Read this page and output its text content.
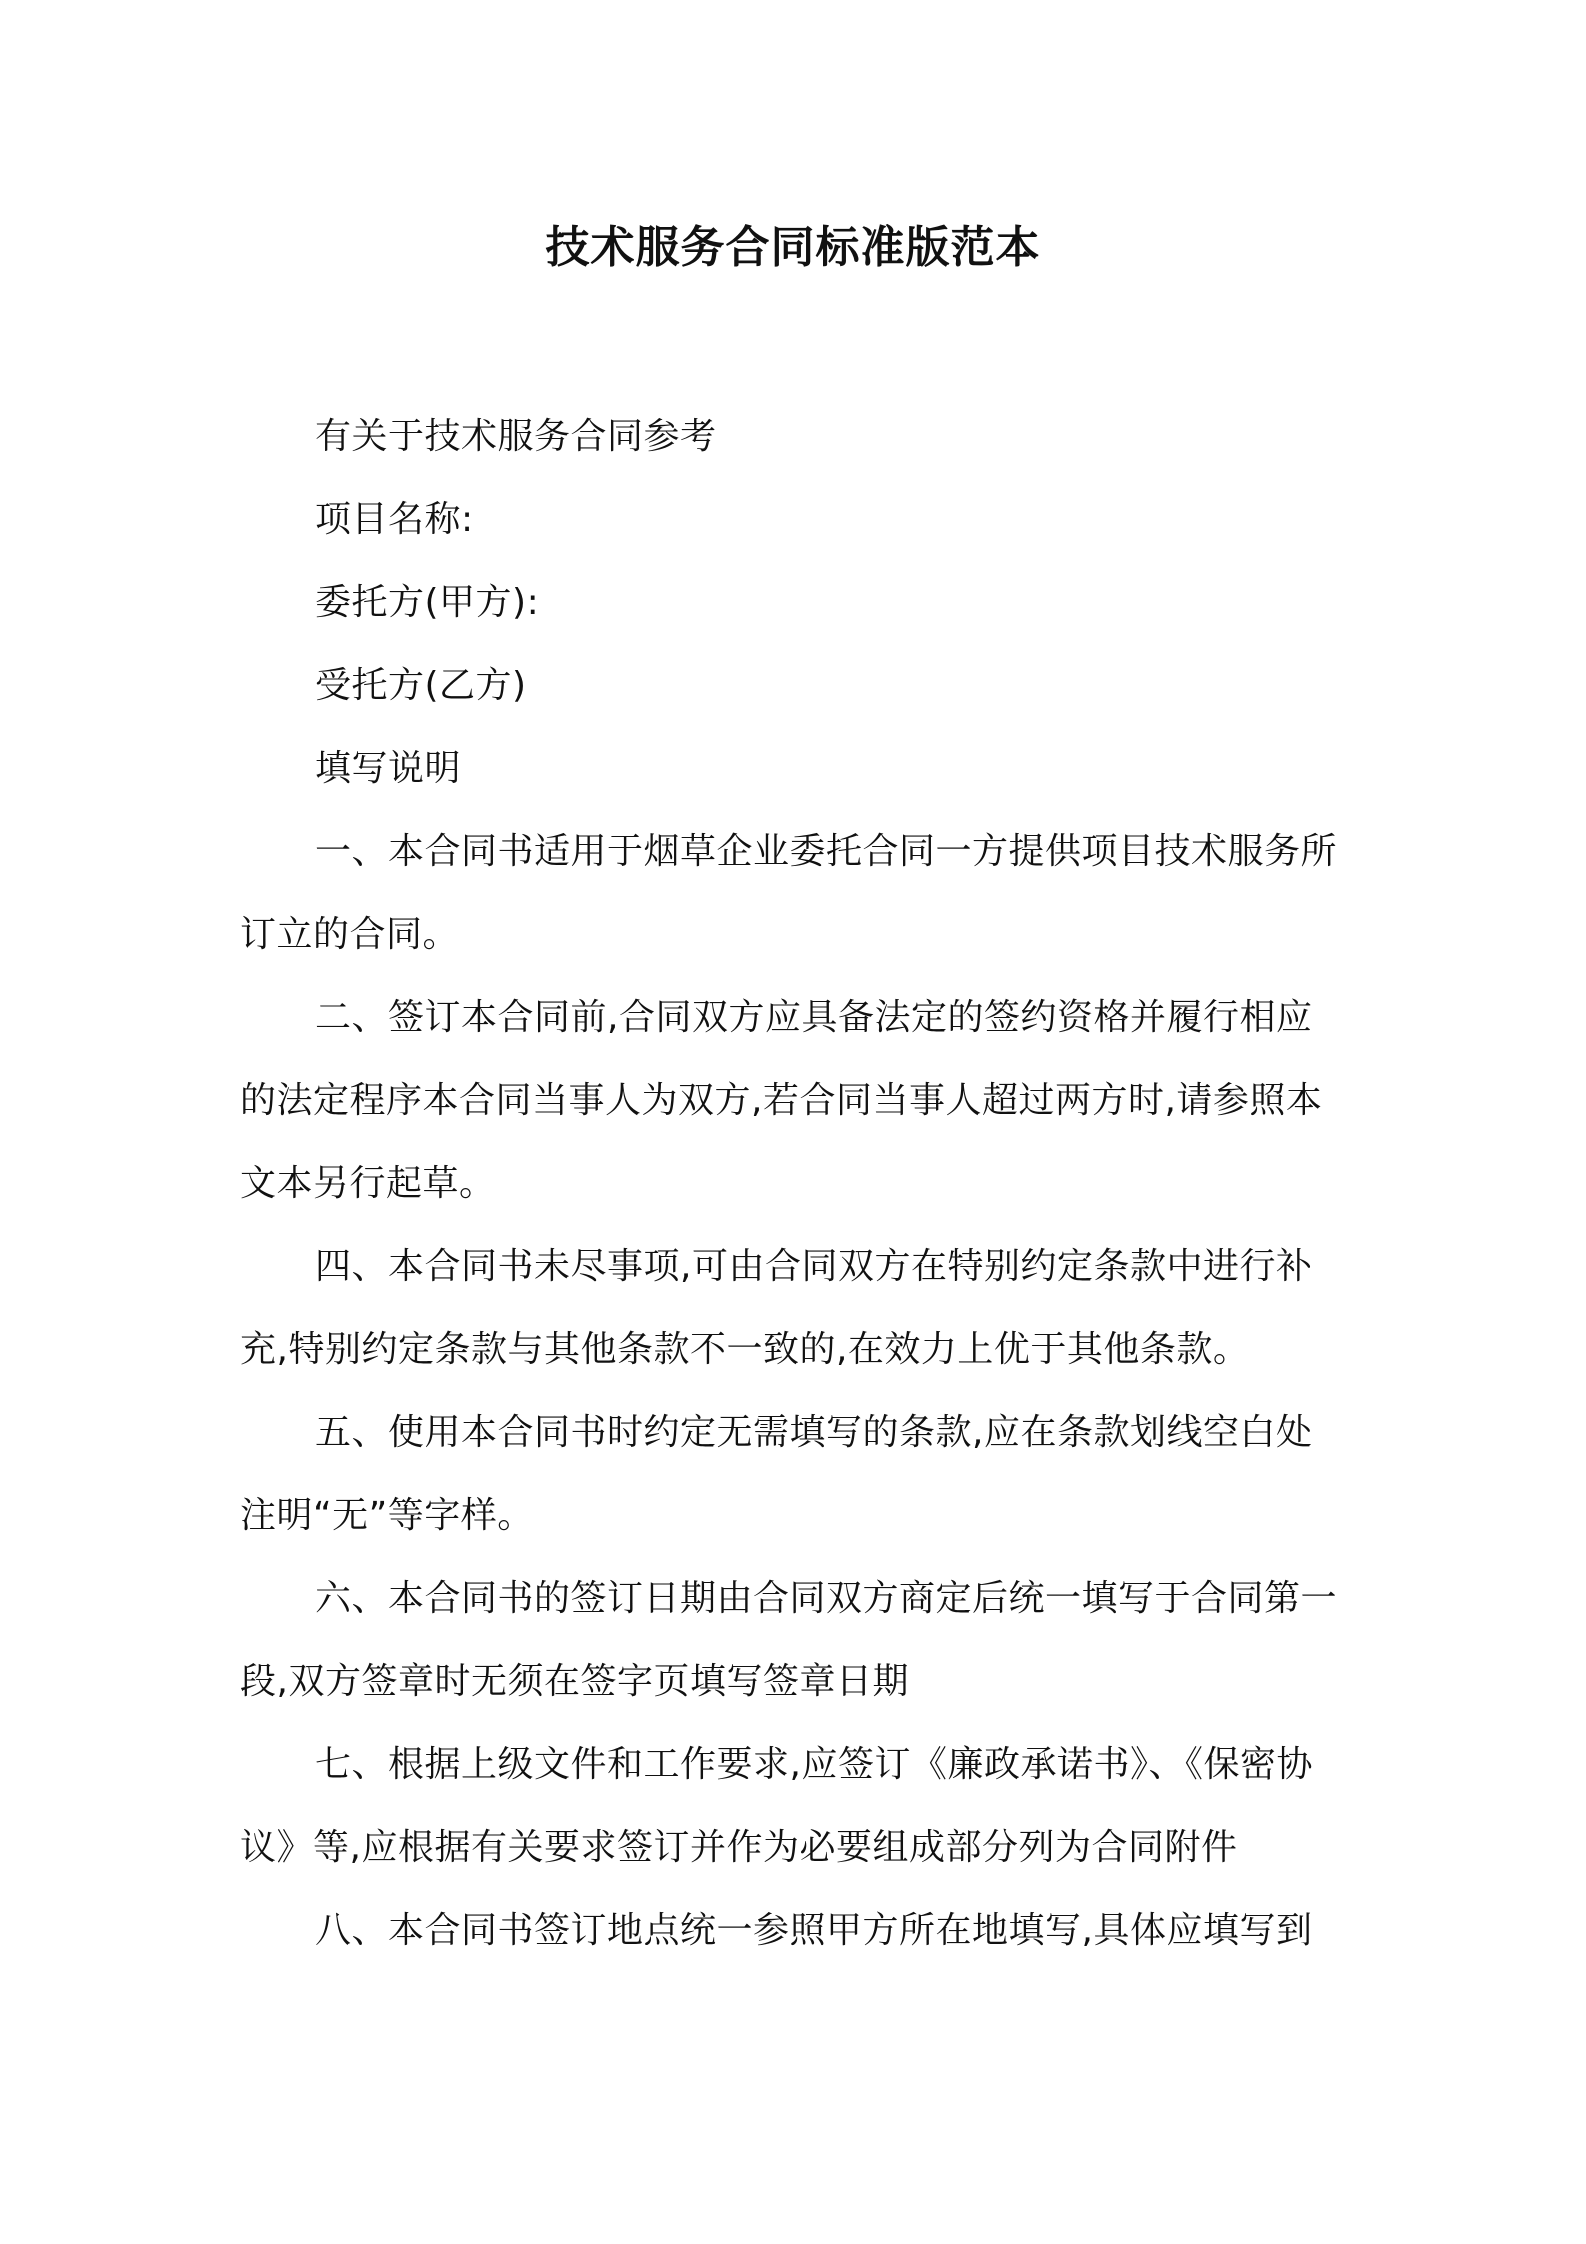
技术服务合同标准版范本
有关于技术服务合同参考
项目名称:
委托方(甲方):
受托方(乙方)
填写说明
一、本合同书适用于烟草企业委托合同一方提供项目技术服务所
订立的合同。
二、签订本合同前,合同双方应具备法定的签约资格并履行相应
的法定程序本合同当事人为双方,若合同当事人超过两方时,请参照本
文本另行起草。
四、本合同书未尽事项,可由合同双方在特别约定条款中进行补
充,特别约定条款与其他条款不一致的,在效力上优于其他条款。
五、使用本合同书时约定无需填写的条款,应在条款划线空白处
注明“无”等字样。
六、本合同书的签订日期由合同双方商定后统一填写于合同第一
段,双方签章时无须在签字页填写签章日期
七、根据上级文件和工作要求,应签订《廉政承诺书》、《保密协
议》等,应根据有关要求签订并作为必要组成部分列为合同附件
八、本合同书签订地点统一参照甲方所在地填写,具体应填写到
